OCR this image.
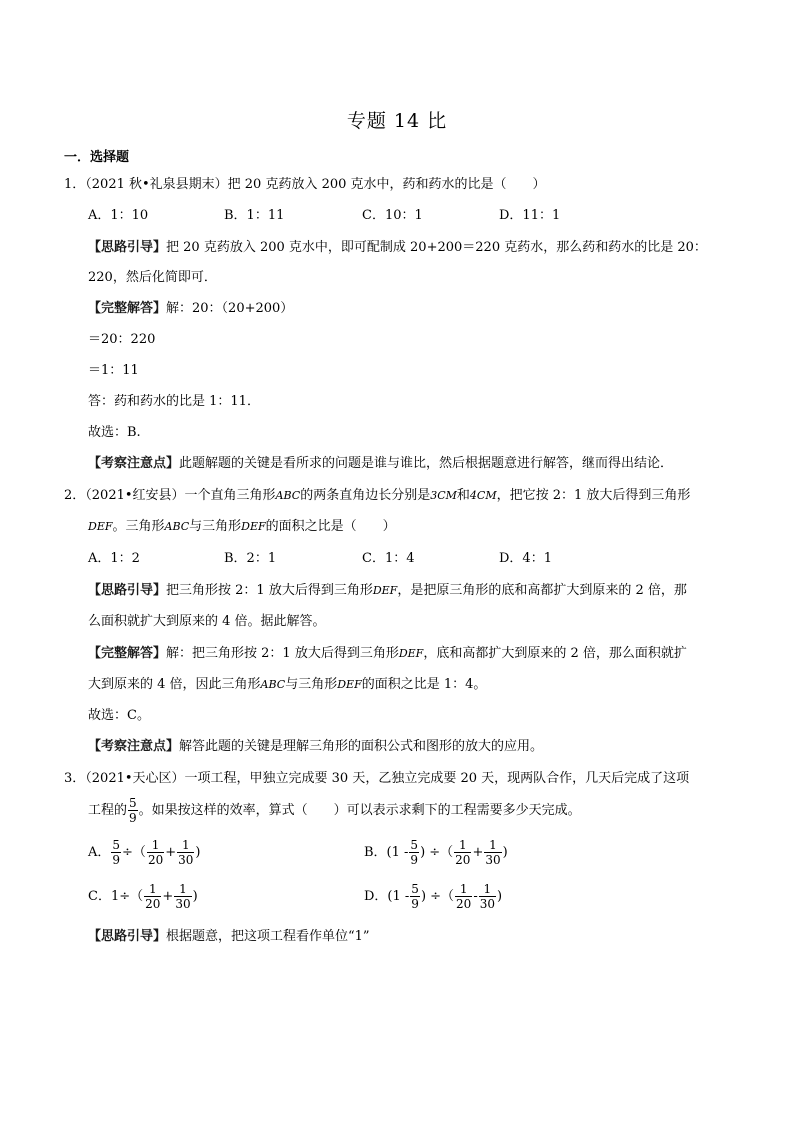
专题 14 比
一．选择题
1．（2021 秋•礼泉县期末）把 20 克药放入 200 克水中，药和药水的比是（　　）
A．1：10	B．1：11	C．10：1	D．11：1
【思路引导】把 20 克药放入 200 克水中，即可配制成 20+200＝220 克药水，那么药和药水的比是 20：
220，然后化简即可．
【完整解答】解：20：（20+200）
＝20：220
＝1：11
答：药和药水的比是 1：11．
故选：B.
【考察注意点】此题解题的关键是看所求的问题是谁与谁比，然后根据题意进行解答，继而得出结论．
2．（2021•红安县）一个直角三角形ABC的两条直角边长分别是3CM和4CM，把它按 2：1 放大后得到三角形
DEF。三角形ABC与三角形DEF的面积之比是（　　）
A．1：2	B．2：1	C．1：4	D．4：1
【思路引导】把三角形按 2：1 放大后得到三角形DEF，是把原三角形的底和高都扩大到原来的 2 倍，那
么面积就扩大到原来的 4 倍。据此解答。
【完整解答】解：把三角形按 2：1 放大后得到三角形DEF，底和高都扩大到原来的 2 倍，那么面积就扩
大到原来的 4 倍，因此三角形ABC与三角形DEF的面积之比是 1：4。
故选：C。
【考察注意点】解答此题的关键是理解三角形的面积公式和图形的放大的应用。
3．（2021•天心区）一项工程，甲独立完成要 30 天，乙独立完成要 20 天，现两队合作，几天后完成了这项
工程的 $\frac{5}{9}$ 。如果按这样的效率，算式（　　）可以表示求剩下的工程需要多少天完成。
A． $\frac{5}{9}$ ÷（ $\frac{1}{20} + \frac{1}{30}$ )	B．($1 - \frac{5}{9}$ ) ÷（ $\frac{1}{20} + \frac{1}{30}$ )
C．$1\div( \frac{1}{20} + \frac{1}{30}$ )	D．($1 - \frac{5}{9}$ ) ÷（ $\frac{1}{20} - \frac{1}{30}$ )
【思路引导】根据题意，把这项工程看作单位“1”
